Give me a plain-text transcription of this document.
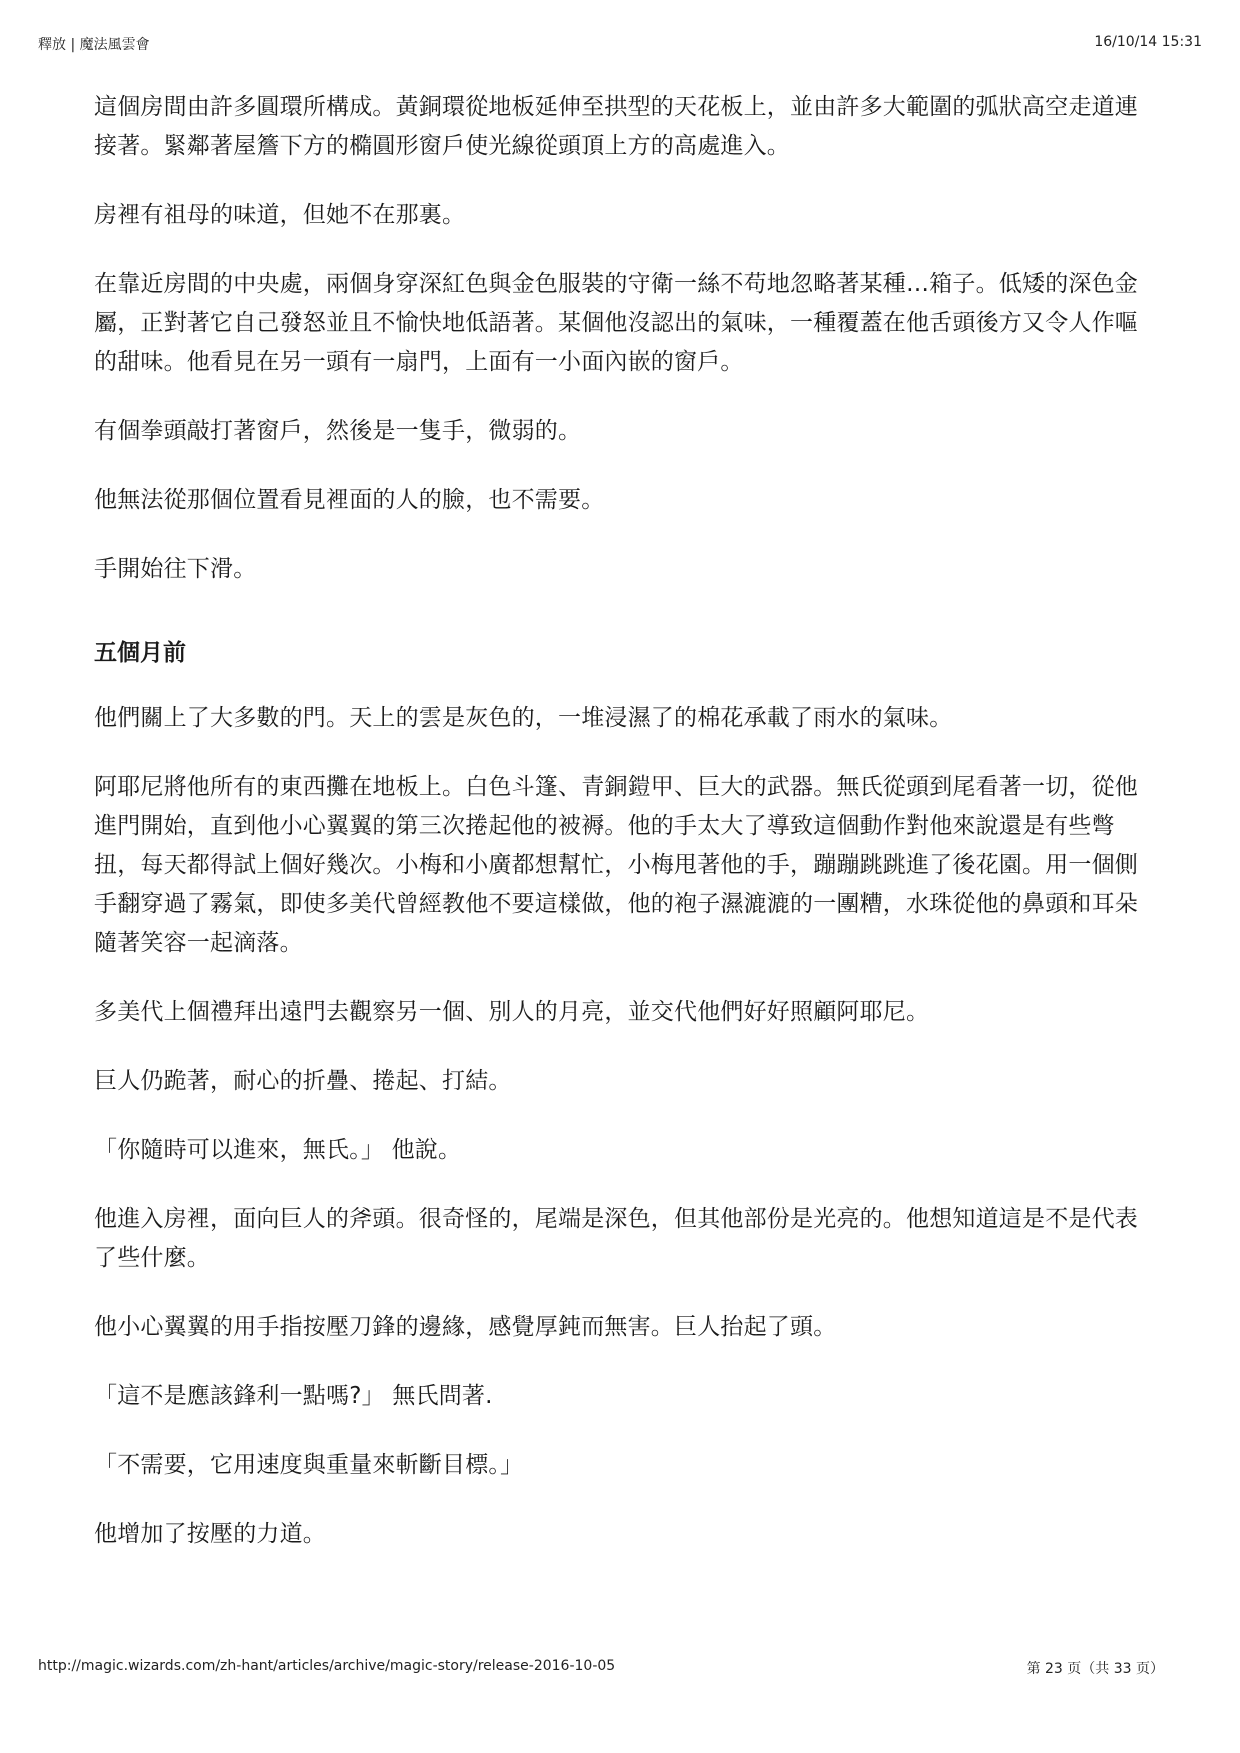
釋放 | 魔法風雲會	16/10/14 15:31

這個房間由許多圓環所構成。黃銅環從地板延伸至拱型的天花板上，並由許多大範圍的弧狀高空走道連接著。緊鄰著屋簷下方的橢圓形窗戶使光線從頭頂上方的高處進入。

房裡有祖母的味道，但她不在那裏。

在靠近房間的中央處，兩個身穿深紅色與金色服裝的守衛一絲不苟地忽略著某種…箱子。低矮的深色金屬，正對著它自己發怒並且不愉快地低語著。某個他沒認出的氣味，一種覆蓋在他舌頭後方又令人作嘔的甜味。他看見在另一頭有一扇門，上面有一小面內嵌的窗戶。

有個拳頭敲打著窗戶，然後是一隻手，微弱的。

他無法從那個位置看見裡面的人的臉，也不需要。

手開始往下滑。

五個月前

他們關上了大多數的門。天上的雲是灰色的，一堆浸濕了的棉花承載了雨水的氣味。

阿耶尼將他所有的東西攤在地板上。白色斗篷、青銅鎧甲、巨大的武器。無氏從頭到尾看著一切，從他進門開始，直到他小心翼翼的第三次捲起他的被褥。他的手太大了導致這個動作對他來說還是有些彆扭，每天都得試上個好幾次。小梅和小廣都想幫忙，小梅甩著他的手，蹦蹦跳跳進了後花園。用一個側手翻穿過了霧氣，即使多美代曾經教他不要這樣做，他的袍子濕漉漉的一團糟，水珠從他的鼻頭和耳朵隨著笑容一起滴落。

多美代上個禮拜出遠門去觀察另一個、別人的月亮，並交代他們好好照顧阿耶尼。

巨人仍跪著，耐心的折疊、捲起、打結。

「你隨時可以進來，無氏。」 他說。

他進入房裡，面向巨人的斧頭。很奇怪的，尾端是深色，但其他部份是光亮的。他想知道這是不是代表了些什麼。

他小心翼翼的用手指按壓刀鋒的邊緣，感覺厚鈍而無害。巨人抬起了頭。

「這不是應該鋒利一點嗎?」 無氏問著.

「不需要，它用速度與重量來斬斷目標。」

他增加了按壓的力道。

http://magic.wizards.com/zh-hant/articles/archive/magic-story/release-2016-10-05	第 23 页（共 33 页）
